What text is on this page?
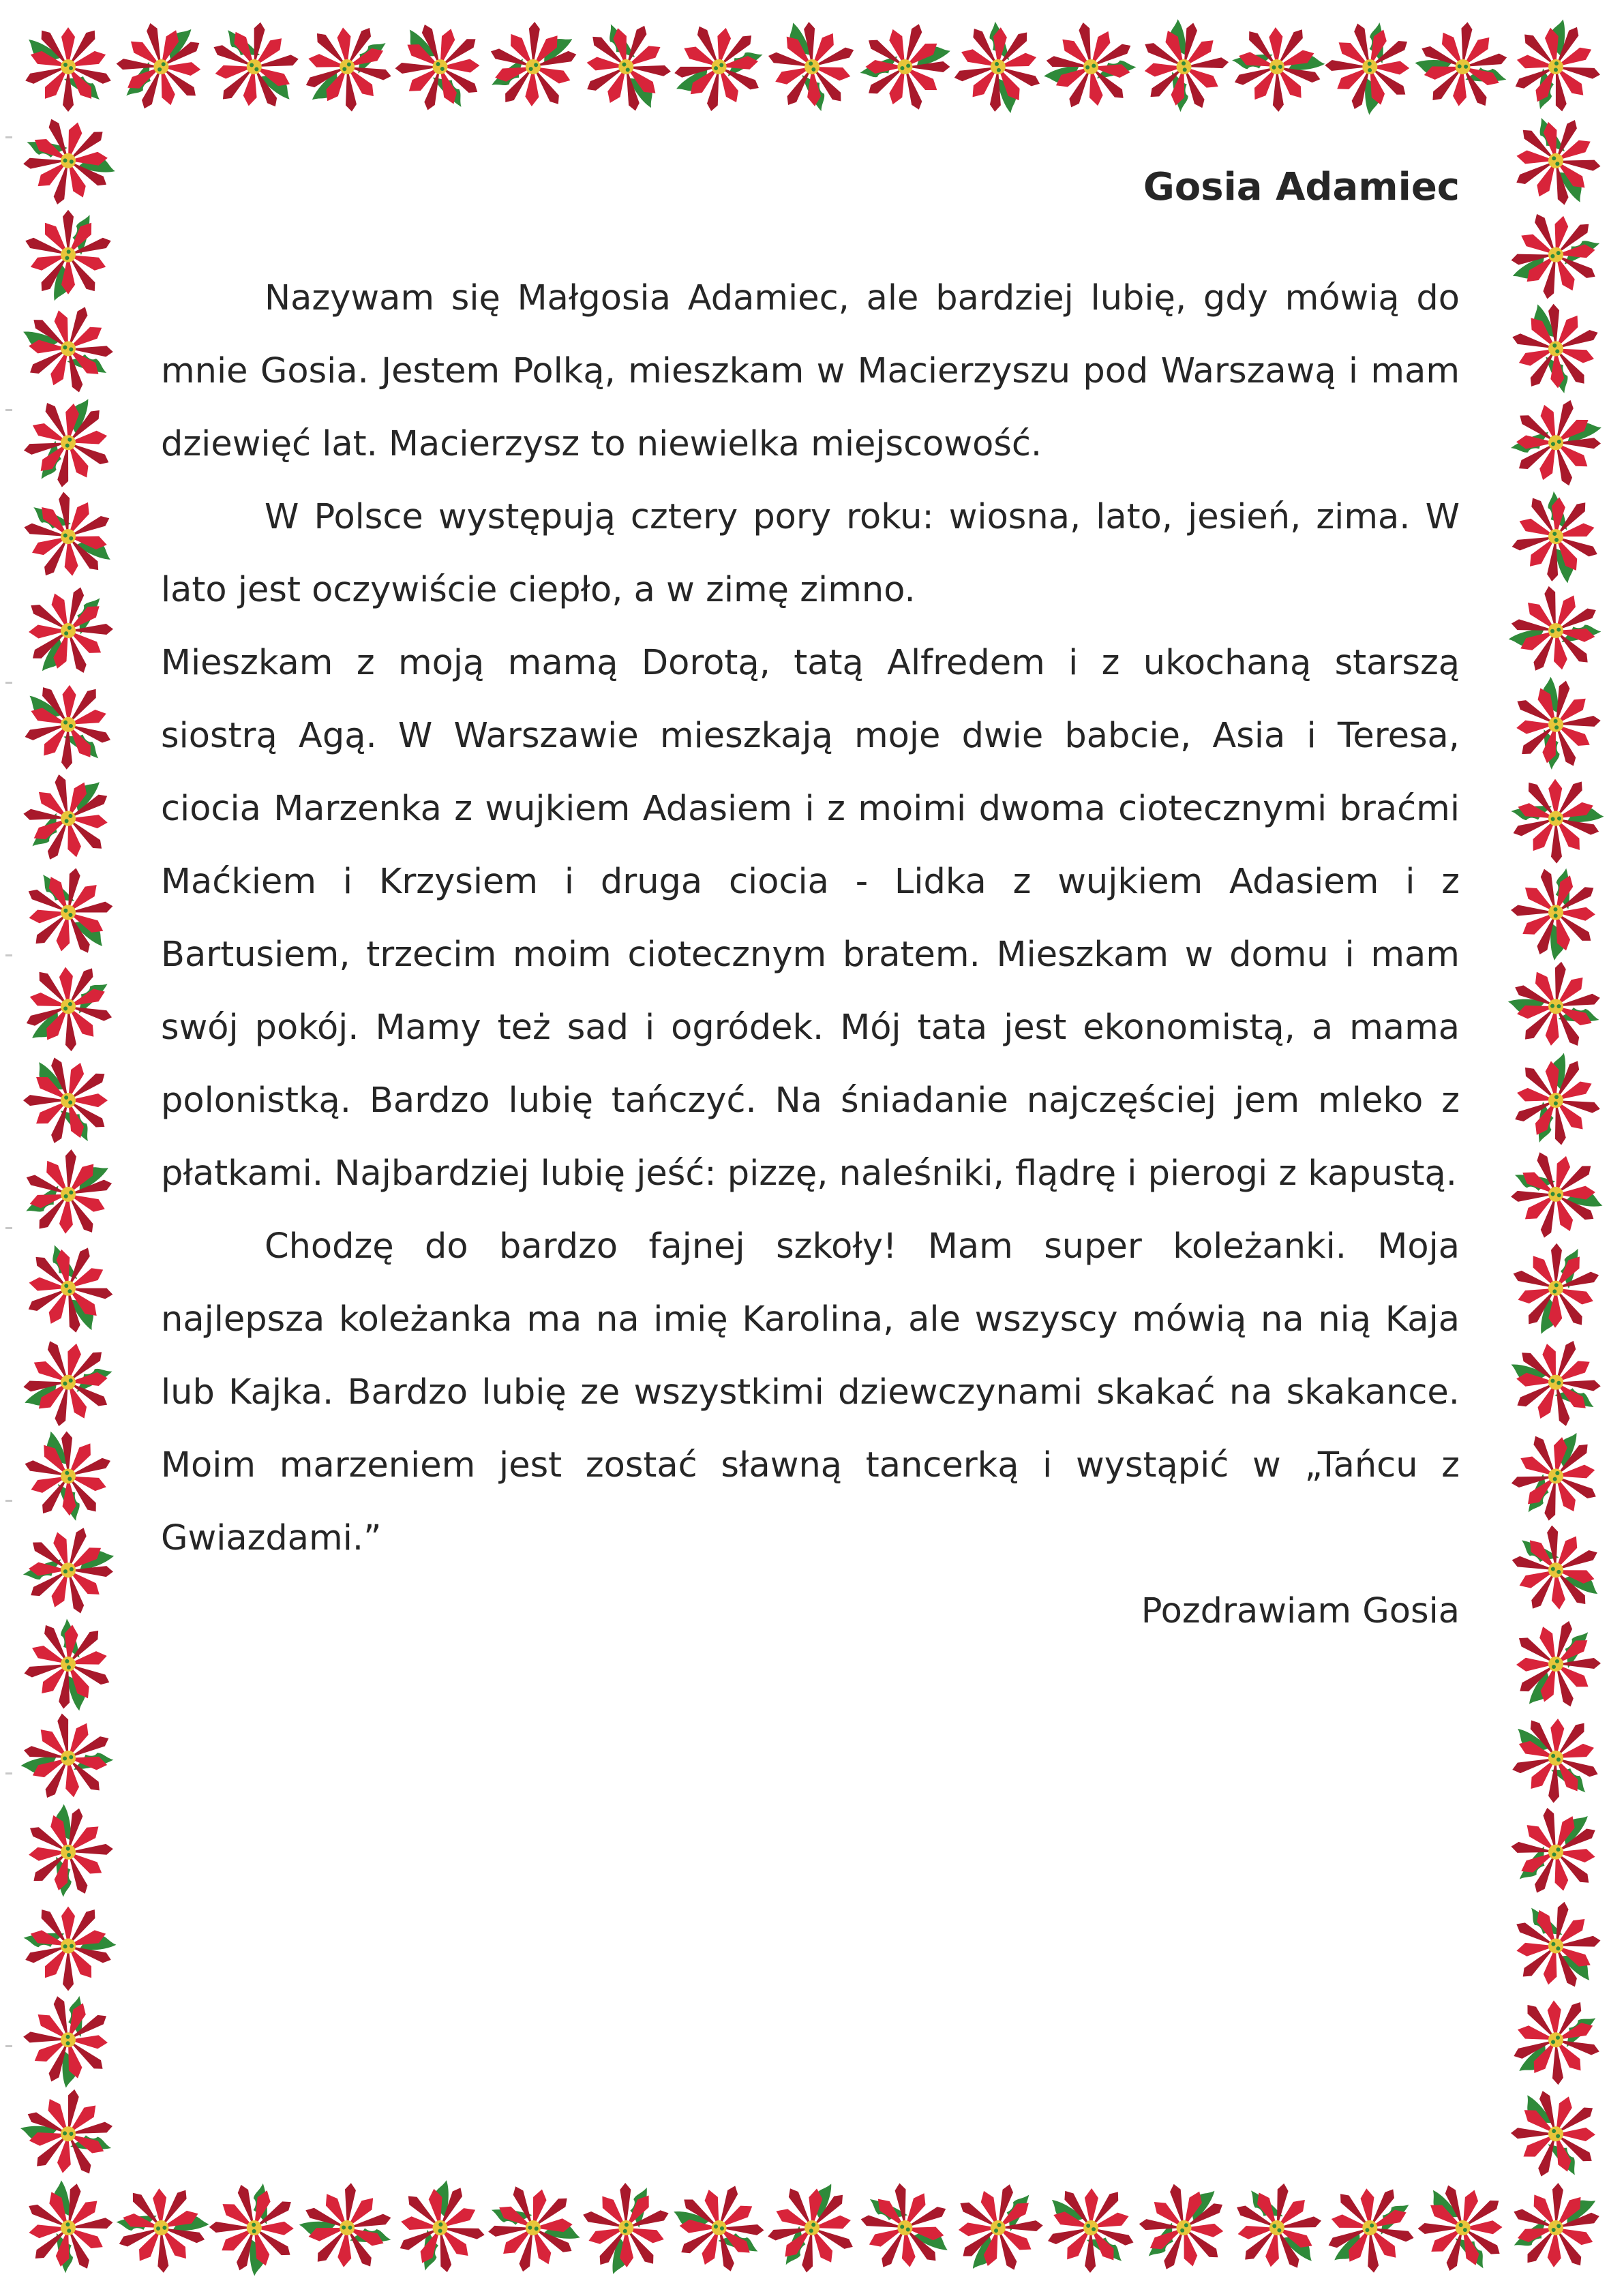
Gosia Adamiec

Nazywam się Małgosia Adamiec, ale bardziej lubię, gdy mówią do mnie Gosia. Jestem Polką, mieszkam w Macierzyszu pod Warszawą i mam dziewięć lat. Macierzysz to niewielka miejscowość.

W Polsce występują cztery pory roku: wiosna, lato, jesień, zima. W lato jest oczywiście ciepło, a w zimę zimno.

Mieszkam z moją mamą Dorotą, tatą Alfredem i z ukochaną starszą siostrą Agą. W Warszawie mieszkają moje dwie babcie, Asia i Teresa, ciocia Marzenka z wujkiem Adasiem i z moimi dwoma ciotecznymi braćmi Maćkiem i Krzysiem i druga ciocia - Lidka z wujkiem Adasiem i z Bartusiem, trzecim moim ciotecznym bratem. Mieszkam w domu i mam swój pokój. Mamy też sad i ogródek. Mój tata jest ekonomistą, a mama polonistką. Bardzo lubię tańczyć. Na śniadanie najczęściej jem mleko z płatkami. Najbardziej lubię jeść: pizzę, naleśniki, flądrę i pierogi z kapustą.

Chodzę do bardzo fajnej szkoły! Mam super koleżanki. Moja najlepsza koleżanka ma na imię Karolina, ale wszyscy mówią na nią Kaja lub Kajka. Bardzo lubię ze wszystkimi dziewczynami skakać na skakance. Moim marzeniem jest zostać sławną tancerką i wystąpić w „Tańcu z Gwiazdami.”

Pozdrawiam Gosia
